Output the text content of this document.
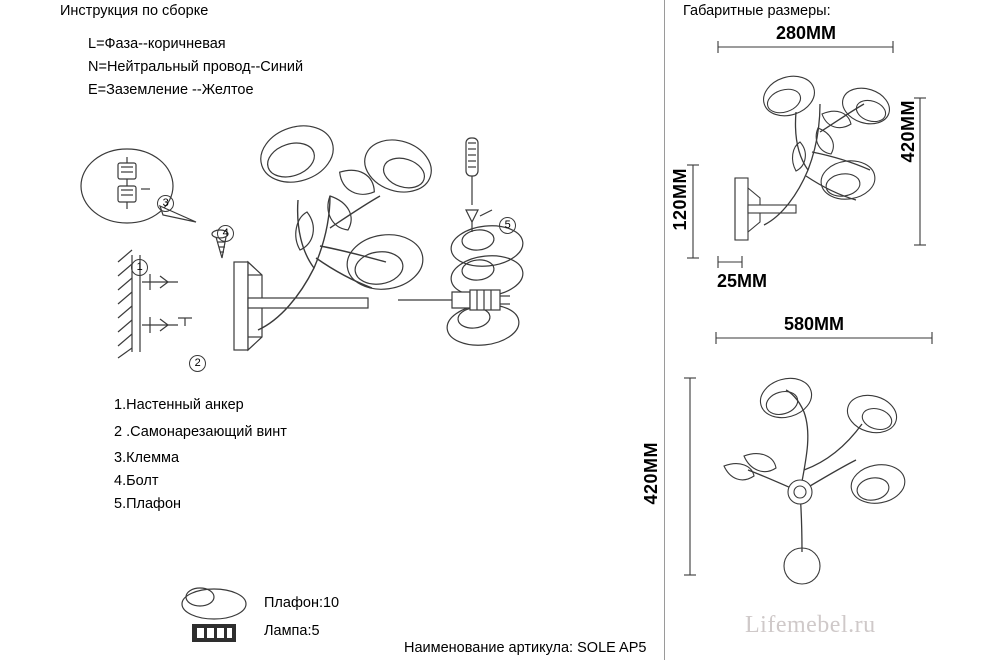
Инструкция по сборке
L=Фаза--коричневая
N=Нейтральный провод--Синий
E=Заземление --Желтое
1.Настенный анкер
2 .Самонарезающий винт
3.Клемма
4.Болт
5.Плафон

1

2

3

4

5

Плафон:10
Лампа:5
Наименование артикула: SOLE AP5
Lifemebel.ru
Габаритные размеры:
280MM
420MM
120MM
25MM
580MM
420MM
